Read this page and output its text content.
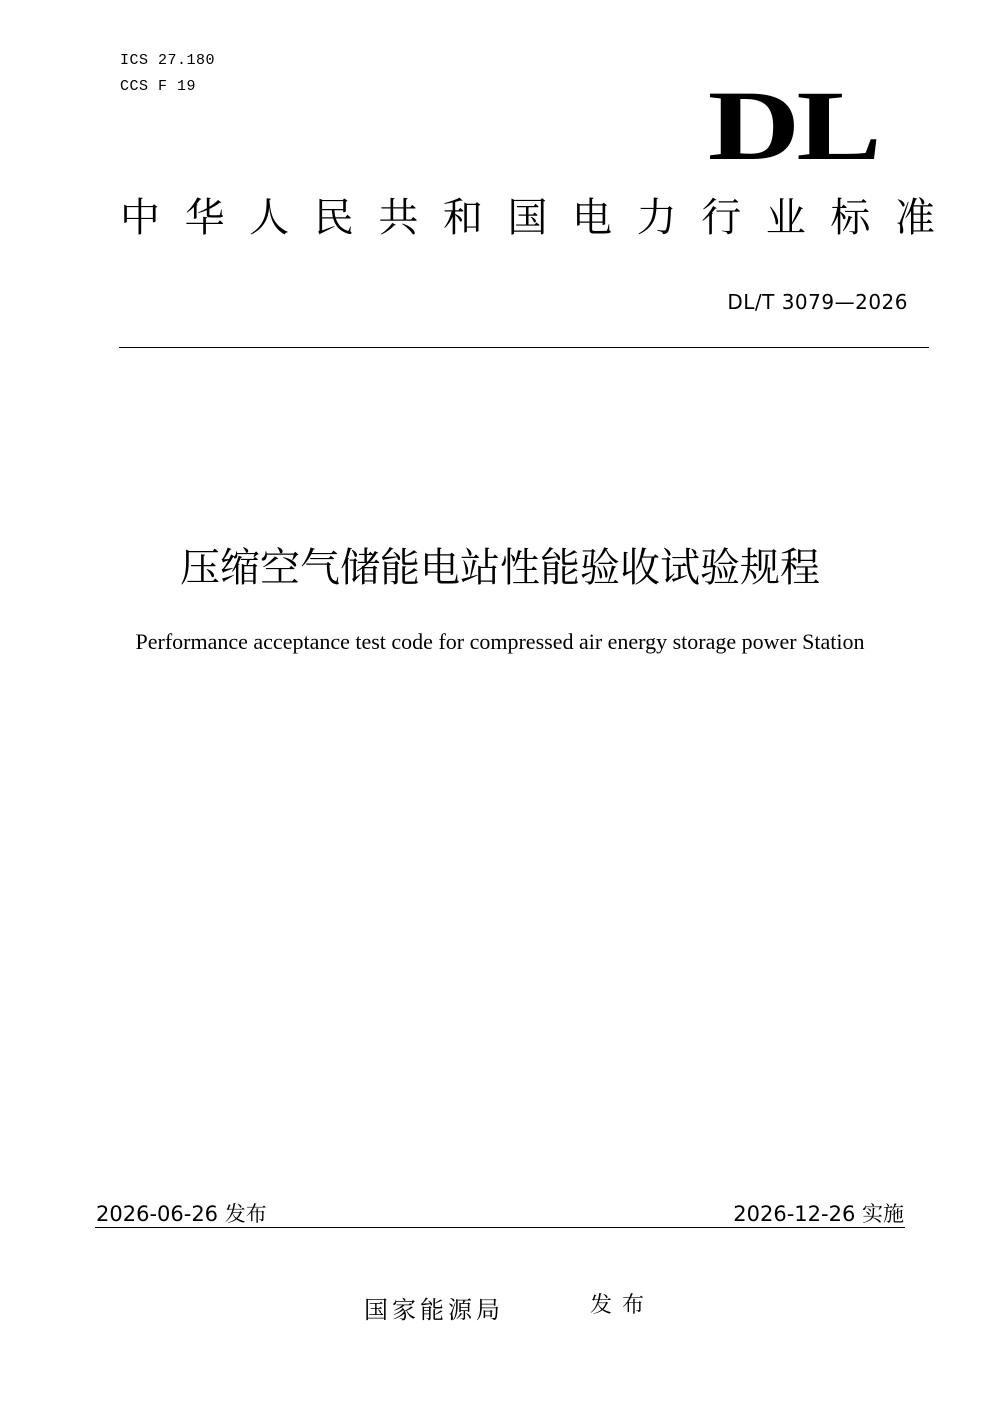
ICS 27.180
CCS F 19	DL
中 华 人 民 共 和 国 电 力 行 业 标 准
DL/T 3079—2026
压缩空气储能电站性能验收试验规程
Performance acceptance test code for compressed air energy storage power Station
2026-06-26 发布	2026-12-26 实施
国家能源局	发布
